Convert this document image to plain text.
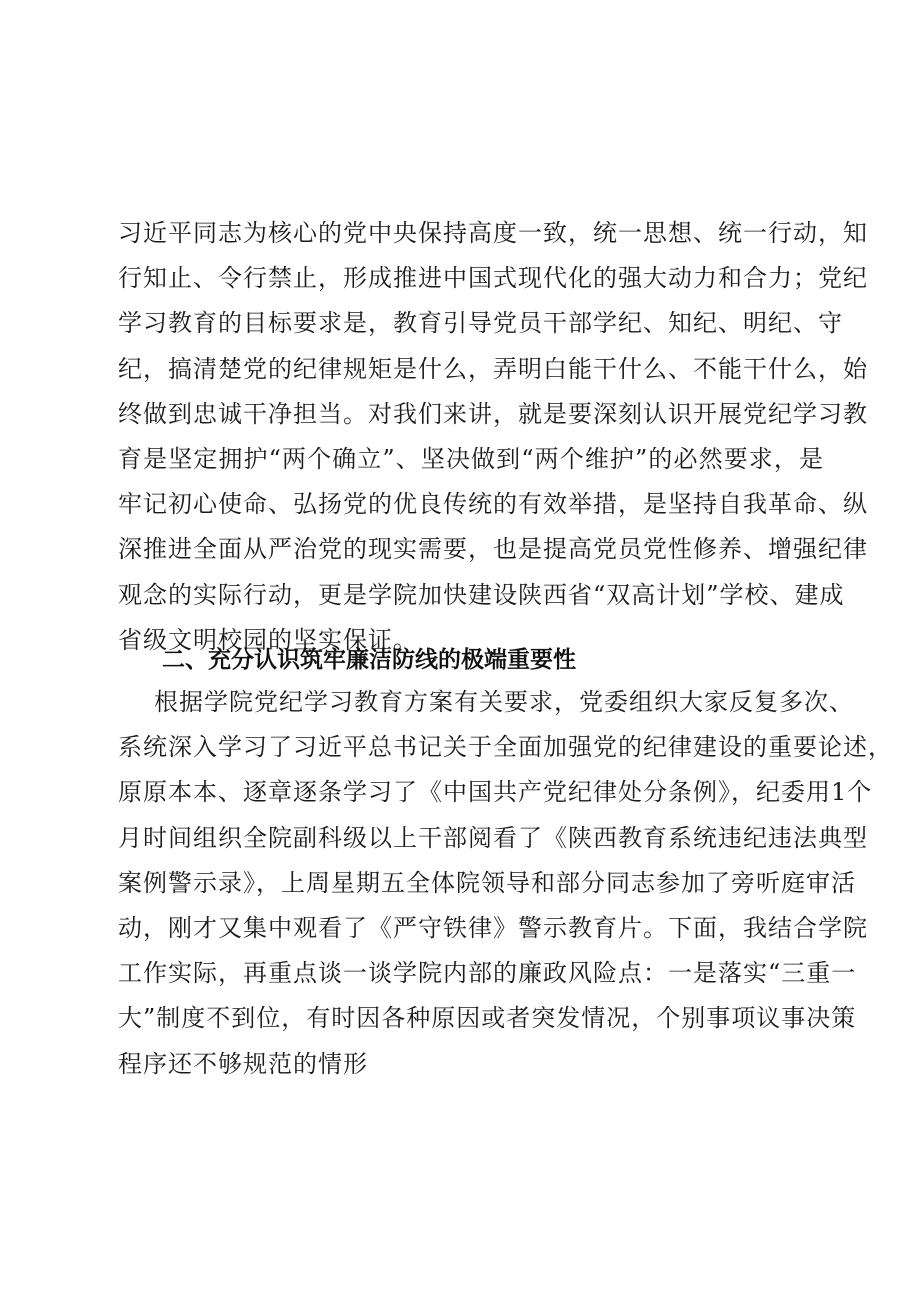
习近平同志为核心的党中央保持高度一致，统一思想、统一行动，知
行知止、令行禁止，形成推进中国式现代化的强大动力和合力；党纪
学习教育的目标要求是，教育引导党员干部学纪、知纪、明纪、守
纪，搞清楚党的纪律规矩是什么，弄明白能干什么、不能干什么，始
终做到忠诚干净担当。对我们来讲，就是要深刻认识开展党纪学习教
育是坚定拥护“两个确立”、坚决做到“两个维护”的必然要求，是
牢记初心使命、弘扬党的优良传统的有效举措，是坚持自我革命、纵
深推进全面从严治党的现实需要，也是提高党员党性修养、增强纪律
观念的实际行动，更是学院加快建设陕西省“双高计划”学校、建成
省级文明校园的坚实保证。
二、充分认识筑牢廉洁防线的极端重要性
根据学院党纪学习教育方案有关要求，党委组织大家反复多次、
系统深入学习了习近平总书记关于全面加强党的纪律建设的重要论述，
原原本本、逐章逐条学习了《中国共产党纪律处分条例》，纪委用1个
月时间组织全院副科级以上干部阅看了《陕西教育系统违纪违法典型
案例警示录》，上周星期五全体院领导和部分同志参加了旁听庭审活
动，刚才又集中观看了《严守铁律》警示教育片。下面，我结合学院
工作实际，再重点谈一谈学院内部的廉政风险点：一是落实“三重一
大”制度不到位，有时因各种原因或者突发情况，个别事项议事决策
程序还不够规范的情形
